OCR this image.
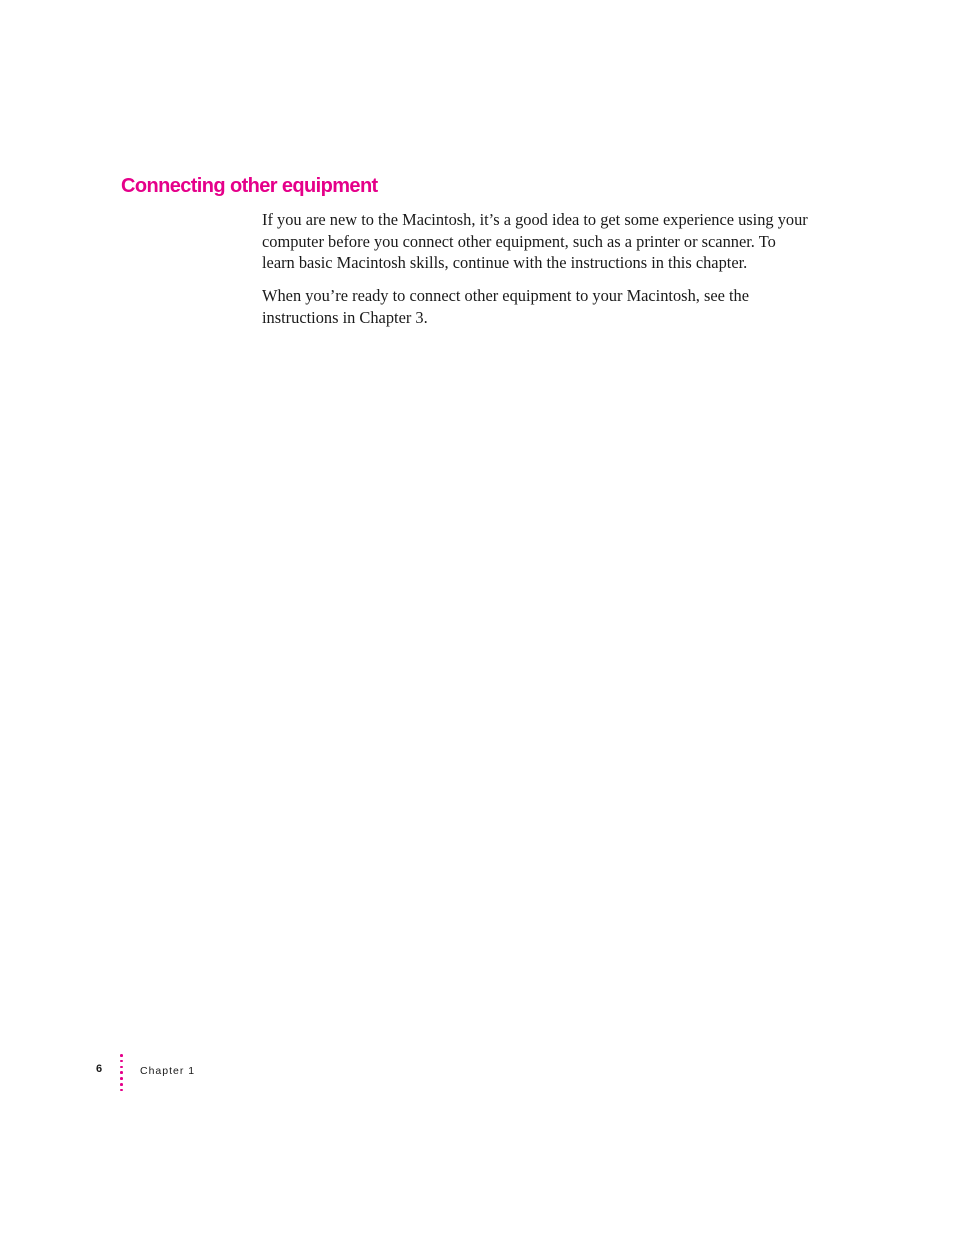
Connecting other equipment

If you are new to the Macintosh, it’s a good idea to get some experience using your computer before you connect other equipment, such as a printer or scanner. To learn basic Macintosh skills, continue with the instructions in this chapter.

When you’re ready to connect other equipment to your Macintosh, see the instructions in Chapter 3.

6	Chapter 1
